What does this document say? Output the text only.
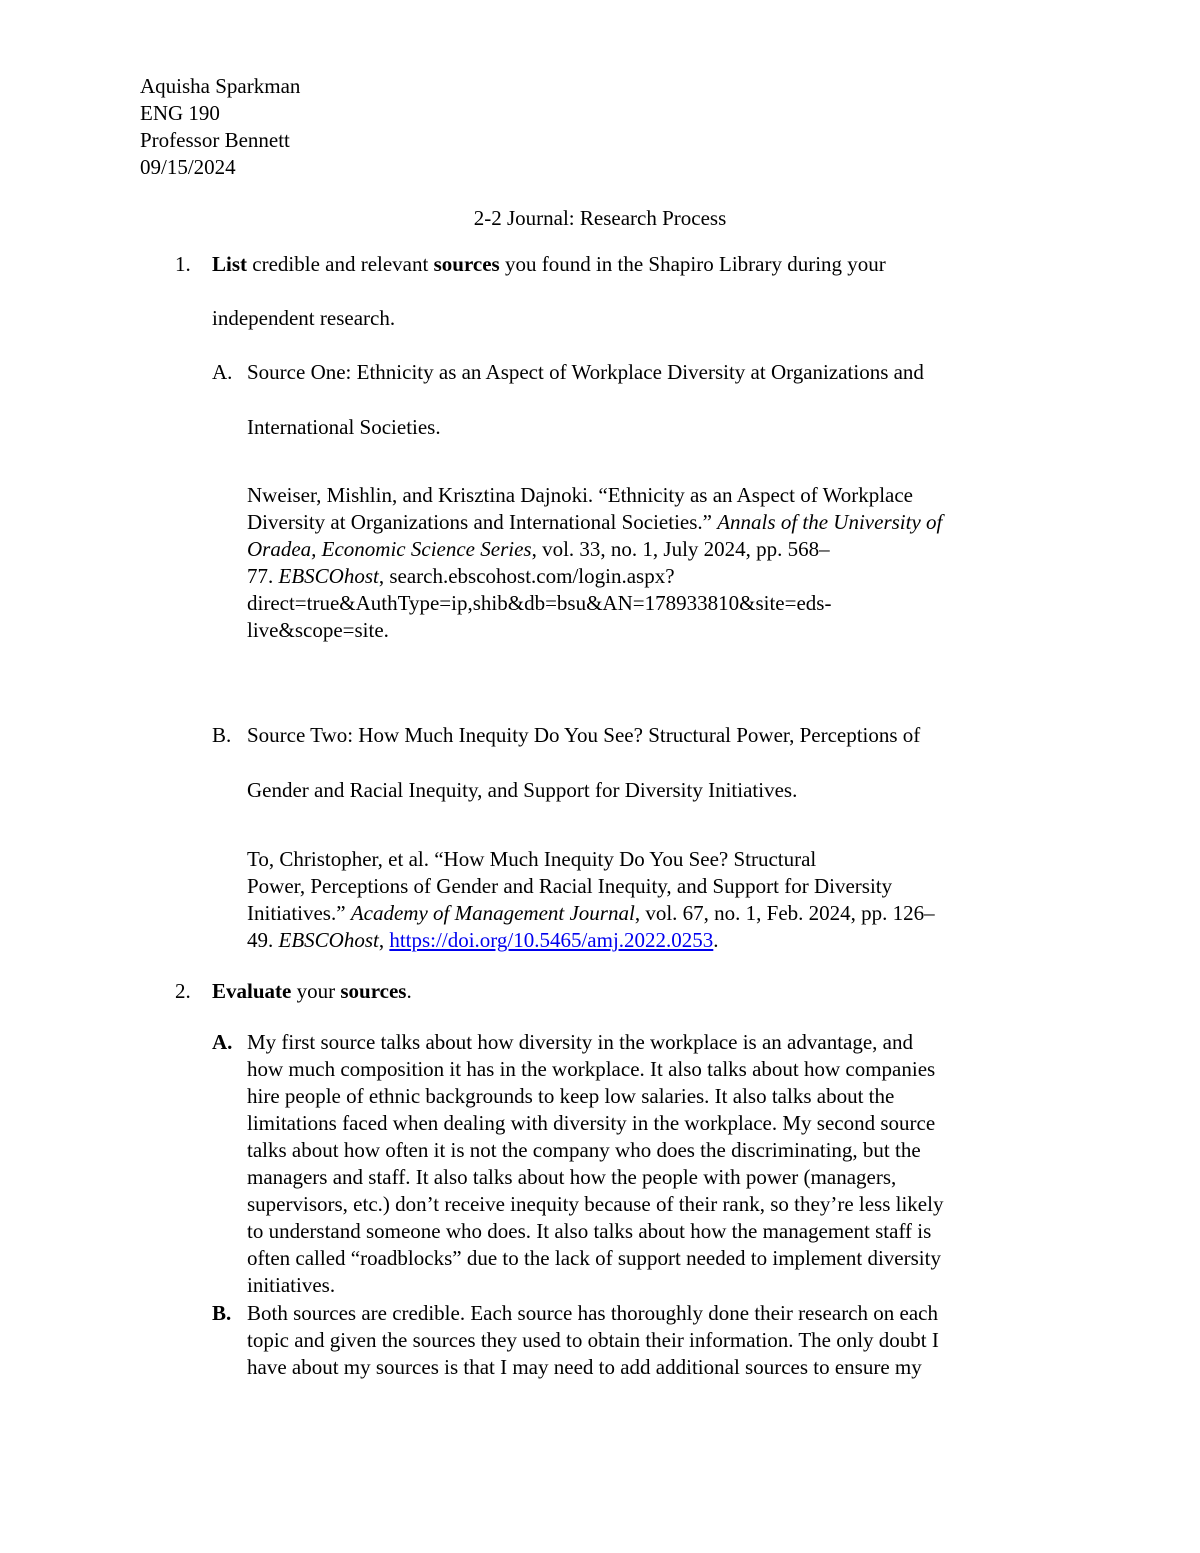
Aquisha Sparkman
ENG 190
Professor Bennett
09/15/2024
2-2 Journal: Research Process
1. List credible and relevant sources you found in the Shapiro Library during your
independent research.
A. Source One: Ethnicity as an Aspect of Workplace Diversity at Organizations and
International Societies.
Nweiser, Mishlin, and Krisztina Dajnoki. “Ethnicity as an Aspect of Workplace
Diversity at Organizations and International Societies.” Annals of the University of
Oradea, Economic Science Series, vol. 33, no. 1, July 2024, pp. 568–
77. EBSCOhost, search.ebscohost.com/login.aspx?
direct=true&AuthType=ip,shib&db=bsu&AN=178933810&site=eds-
live&scope=site.
B. Source Two: How Much Inequity Do You See? Structural Power, Perceptions of
Gender and Racial Inequity, and Support for Diversity Initiatives.
To, Christopher, et al. “How Much Inequity Do You See? Structural
Power, Perceptions of Gender and Racial Inequity, and Support for Diversity
Initiatives.” Academy of Management Journal, vol. 67, no. 1, Feb. 2024, pp. 126–
49. EBSCOhost, https://doi.org/10.5465/amj.2022.0253.
2. Evaluate your sources.
A. My first source talks about how diversity in the workplace is an advantage, and
how much composition it has in the workplace. It also talks about how companies
hire people of ethnic backgrounds to keep low salaries. It also talks about the
limitations faced when dealing with diversity in the workplace. My second source
talks about how often it is not the company who does the discriminating, but the
managers and staff. It also talks about how the people with power (managers,
supervisors, etc.) don’t receive inequity because of their rank, so they’re less likely
to understand someone who does. It also talks about how the management staff is
often called “roadblocks” due to the lack of support needed to implement diversity
initiatives.
B. Both sources are credible. Each source has thoroughly done their research on each
topic and given the sources they used to obtain their information. The only doubt I
have about my sources is that I may need to add additional sources to ensure my
